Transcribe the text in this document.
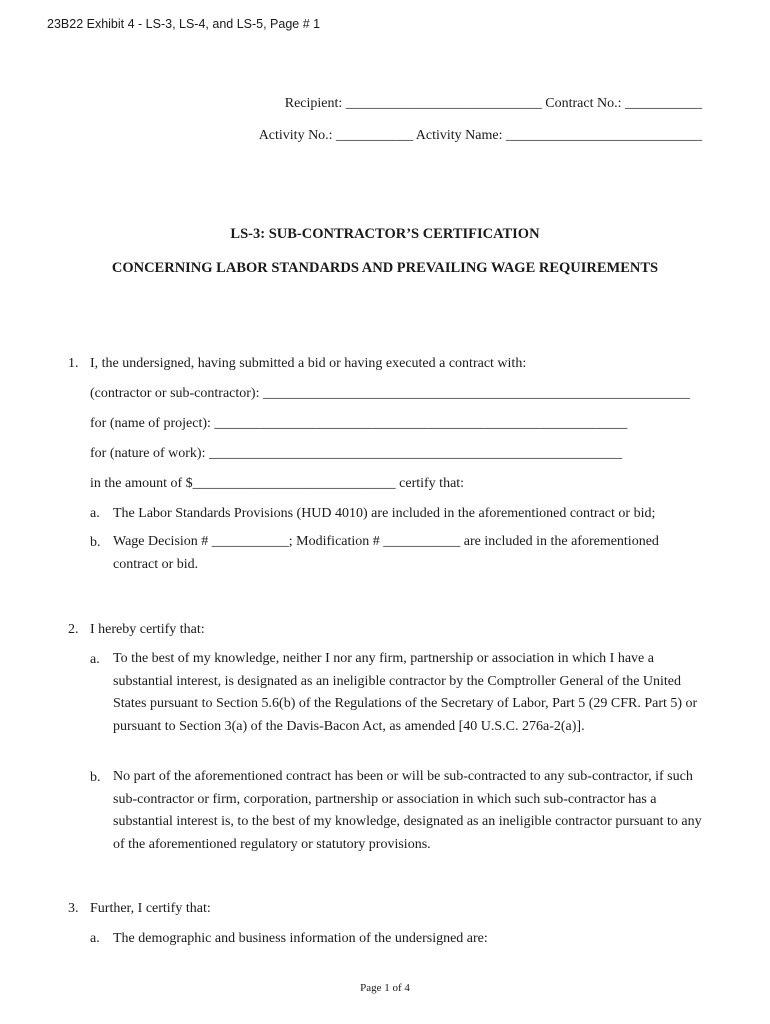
23B22 Exhibit 4 - LS-3, LS-4, and LS-5, Page # 1
Recipient: ____________________________ Contract No.: ___________
Activity No.: ___________ Activity Name: ____________________________
LS-3: SUB-CONTRACTOR’S CERTIFICATION
CONCERNING LABOR STANDARDS AND PREVAILING WAGE REQUIREMENTS
1. I, the undersigned, having submitted a bid or having executed a contract with:
(contractor or sub-contractor): _____________________________________________________________
for (name of project): ___________________________________________________________
for (nature of work): ___________________________________________________________
in the amount of $_____________________________ certify that:
a. The Labor Standards Provisions (HUD 4010) are included in the aforementioned contract or bid;
b. Wage Decision # ___________; Modification # ___________ are included in the aforementioned contract or bid.
2. I hereby certify that:
a. To the best of my knowledge, neither I nor any firm, partnership or association in which I have a substantial interest, is designated as an ineligible contractor by the Comptroller General of the United States pursuant to Section 5.6(b) of the Regulations of the Secretary of Labor, Part 5 (29 CFR. Part 5) or pursuant to Section 3(a) of the Davis-Bacon Act, as amended [40 U.S.C. 276a-2(a)].
b. No part of the aforementioned contract has been or will be sub-contracted to any sub-contractor, if such sub-contractor or firm, corporation, partnership or association in which such sub-contractor has a substantial interest is, to the best of my knowledge, designated as an ineligible contractor pursuant to any of the aforementioned regulatory or statutory provisions.
3. Further, I certify that:
a. The demographic and business information of the undersigned are:
Page 1 of 4
